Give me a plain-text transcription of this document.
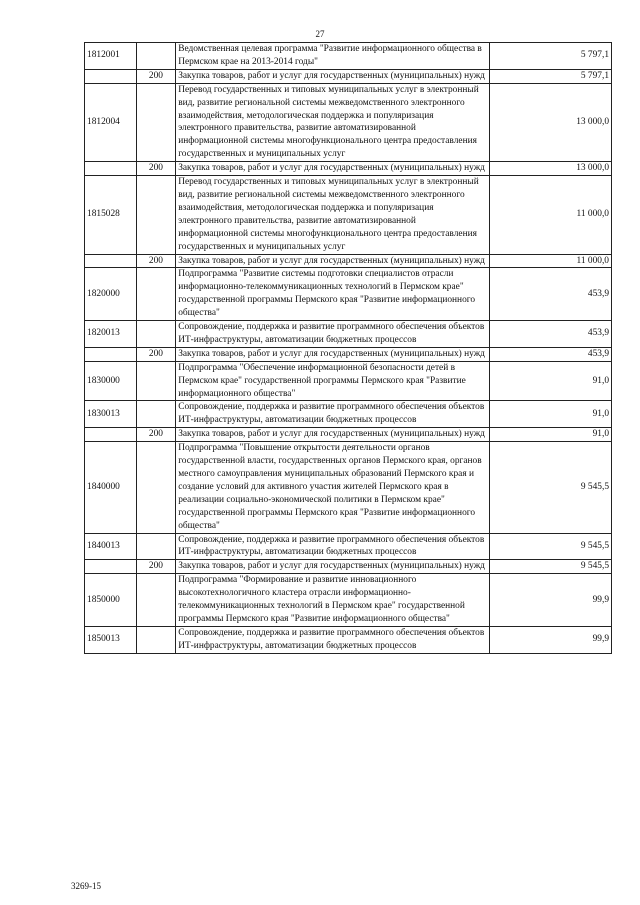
27
1812001		Ведомственная целевая программа "Развитие информационного общества в Пермском крае на 2013-2014 годы"	5 797,1
	200	Закупка товаров, работ и услуг для государственных (муниципальных) нужд	5 797,1
1812004		Перевод государственных и типовых муниципальных услуг в электронный вид, развитие региональной системы межведомственного электронного взаимодействия, методологическая поддержка и популяризация электронного правительства, развитие автоматизированной информационной системы многофункционального центра предоставления государственных и муниципальных услуг	13 000,0
	200	Закупка товаров, работ и услуг для государственных (муниципальных) нужд	13 000,0
1815028		Перевод государственных и типовых муниципальных услуг в электронный вид, развитие региональной системы межведомственного электронного взаимодействия, методологическая поддержка и популяризация электронного правительства, развитие автоматизированной информационной системы многофункционального центра предоставления государственных и муниципальных услуг	11 000,0
	200	Закупка товаров, работ и услуг для государственных (муниципальных) нужд	11 000,0
1820000		Подпрограмма "Развитие системы подготовки специалистов отрасли информационно-телекоммуникационных технологий в Пермском крае" государственной программы Пермского края "Развитие информационного общества"	453,9
1820013		Сопровождение, поддержка и развитие программного обеспечения объектов ИТ-инфраструктуры, автоматизации бюджетных процессов	453,9
	200	Закупка товаров, работ и услуг для государственных (муниципальных) нужд	453,9
1830000		Подпрограмма "Обеспечение информационной безопасности детей в Пермском крае" государственной программы Пермского края "Развитие информационного общества"	91,0
1830013		Сопровождение, поддержка и развитие программного обеспечения объектов ИТ-инфраструктуры, автоматизации бюджетных процессов	91,0
	200	Закупка товаров, работ и услуг для государственных (муниципальных) нужд	91,0
1840000		Подпрограмма "Повышение открытости деятельности органов государственной власти, государственных органов Пермского края, органов местного самоуправления муниципальных образований Пермского края и создание условий для активного участия жителей Пермского края в реализации социально-экономической политики в Пермском крае" государственной программы Пермского края "Развитие информационного общества"	9 545,5
1840013		Сопровождение, поддержка и развитие программного обеспечения объектов ИТ-инфраструктуры, автоматизации бюджетных процессов	9 545,5
	200	Закупка товаров, работ и услуг для государственных (муниципальных) нужд	9 545,5
1850000		Подпрограмма "Формирование и развитие инновационного высокотехнологичного кластера отрасли информационно-телекоммуникационных технологий в Пермском крае" государственной программы Пермского края "Развитие информационного общества"	99,9
1850013		Сопровождение, поддержка и развитие программного обеспечения объектов ИТ-инфраструктуры, автоматизации бюджетных процессов	99,9
3269-15
